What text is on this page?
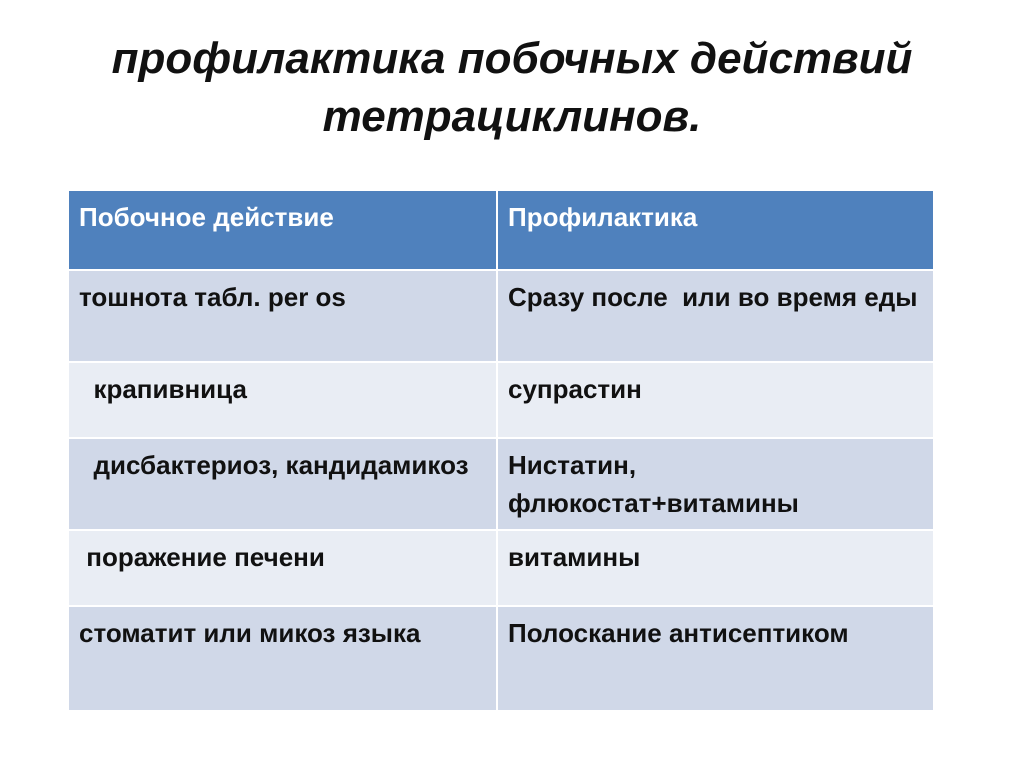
профилактика побочных действий
тетрациклинов.
Побочное действие	Профилактика
тошнота табл. per os	Сразу после  или во время еды
крапивница	супрастин
дисбактериоз, кандидамикоз	Нистатин, флюкостат+витамины
поражение печени	витамины
стоматит или микоз языка	Полоскание антисептиком
